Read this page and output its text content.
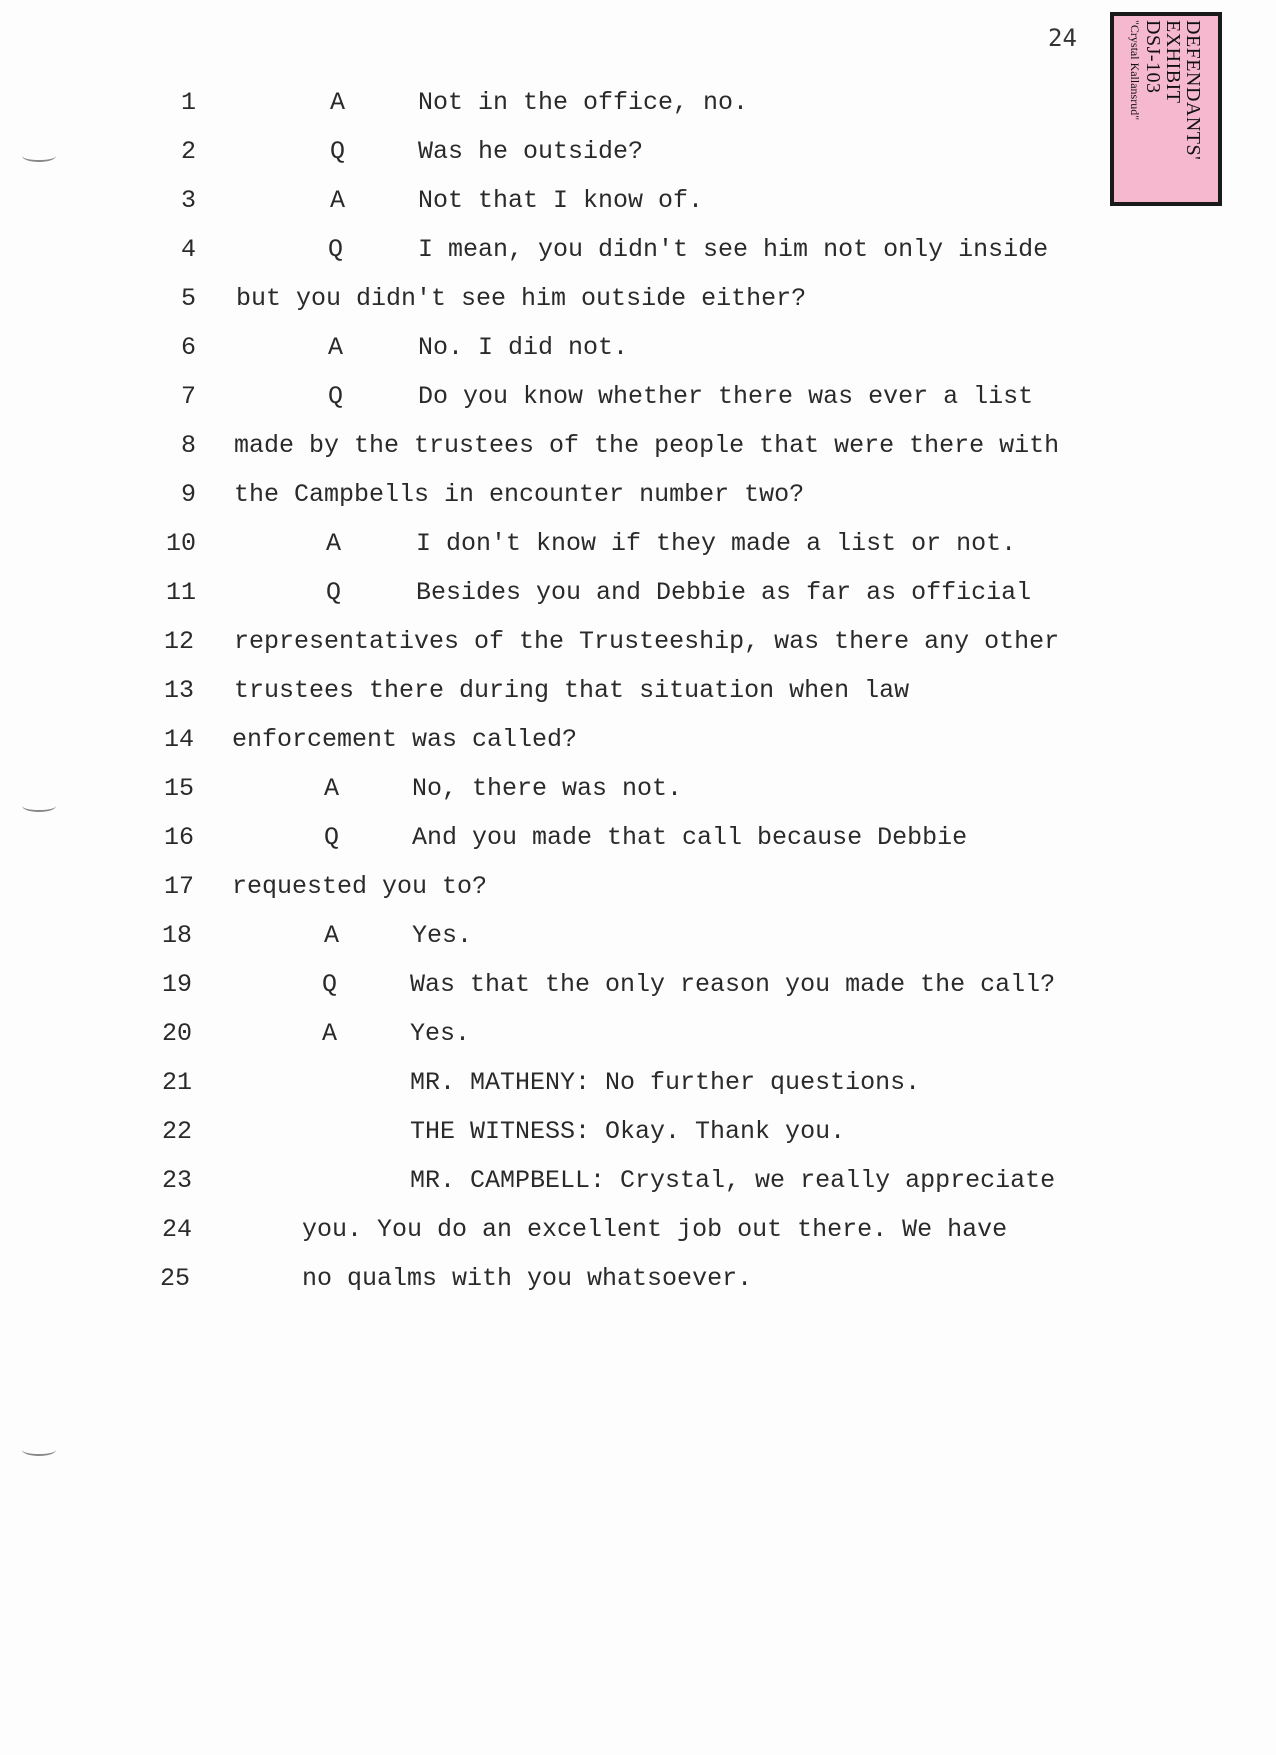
24	DEFENDANTS'
EXHIBIT
DSJ-103
"Crystal Kallansrud"
1	A	Not in the office, no.
2	Q	Was he outside?
3	A	Not that I know of.
4	Q	I mean, you didn't see him not only inside
5 but you didn't see him outside either?
6	A	No. I did not.
7	Q	Do you know whether there was ever a list
8 made by the trustees of the people that were there with
9 the Campbells in encounter number two?
10	A	I don't know if they made a list or not.
11	Q	Besides you and Debbie as far as official
12 representatives of the Trusteeship, was there any other
13 trustees there during that situation when law
14 enforcement was called?
15	A	No, there was not.
16	Q	And you made that call because Debbie
17 requested you to?
18	A	Yes.
19	Q	Was that the only reason you made the call?
20	A	Yes.
21	MR. MATHENY: No further questions.
22	THE WITNESS: Okay. Thank you.
23	MR. CAMPBELL: Crystal, we really appreciate
24	you. You do an excellent job out there. We have
25	no qualms with you whatsoever.
